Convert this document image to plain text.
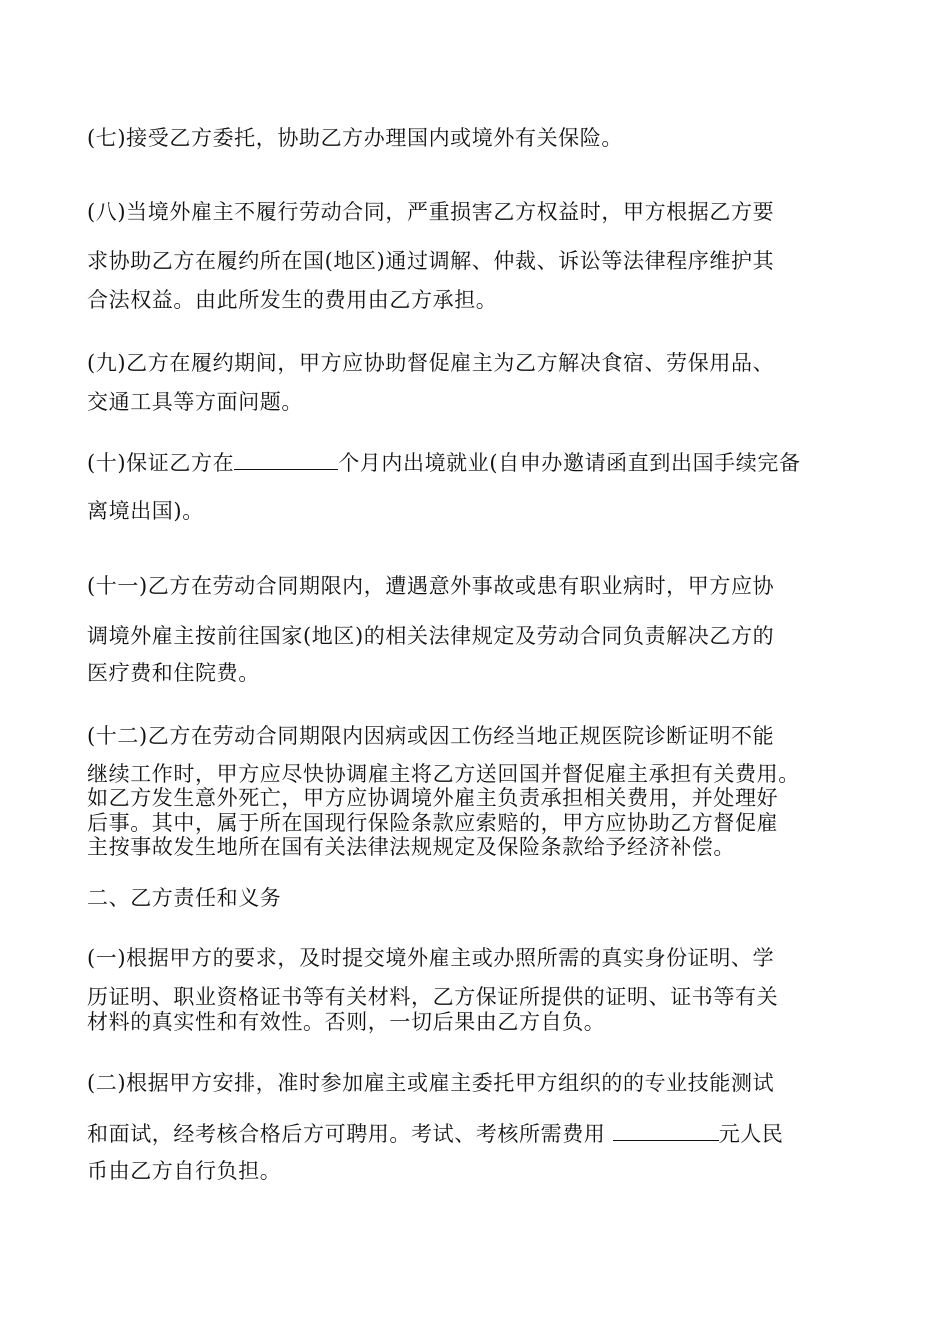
(七)接受乙方委托，协助乙方办理国内或境外有关保险。
(八)当境外雇主不履行劳动合同，严重损害乙方权益时，甲方根据乙方要
求协助乙方在履约所在国(地区)通过调解、仲裁、诉讼等法律程序维护其
合法权益。由此所发生的费用由乙方承担。
(九)乙方在履约期间，甲方应协助督促雇主为乙方解决食宿、劳保用品、
交通工具等方面问题。
(十)保证乙方在	个月内出境就业(自申办邀请函直到出国手续完备
离境出国)。
(十一)乙方在劳动合同期限内，遭遇意外事故或患有职业病时，甲方应协
调境外雇主按前往国家(地区)的相关法律规定及劳动合同负责解决乙方的
医疗费和住院费。
(十二)乙方在劳动合同期限内因病或因工伤经当地正规医院诊断证明不能
继续工作时，甲方应尽快协调雇主将乙方送回国并督促雇主承担有关费用。
如乙方发生意外死亡，甲方应协调境外雇主负责承担相关费用，并处理好
后事。其中，属于所在国现行保险条款应索赔的，甲方应协助乙方督促雇
主按事故发生地所在国有关法律法规规定及保险条款给予经济补偿。
二、乙方责任和义务
(一)根据甲方的要求，及时提交境外雇主或办照所需的真实身份证明、学
历证明、职业资格证书等有关材料，乙方保证所提供的证明、证书等有关
材料的真实性和有效性。否则，一切后果由乙方自负。
(二)根据甲方安排，准时参加雇主或雇主委托甲方组织的的专业技能测试
和面试，经考核合格后方可聘用。考试、考核所需费用	元人民
币由乙方自行负担。
